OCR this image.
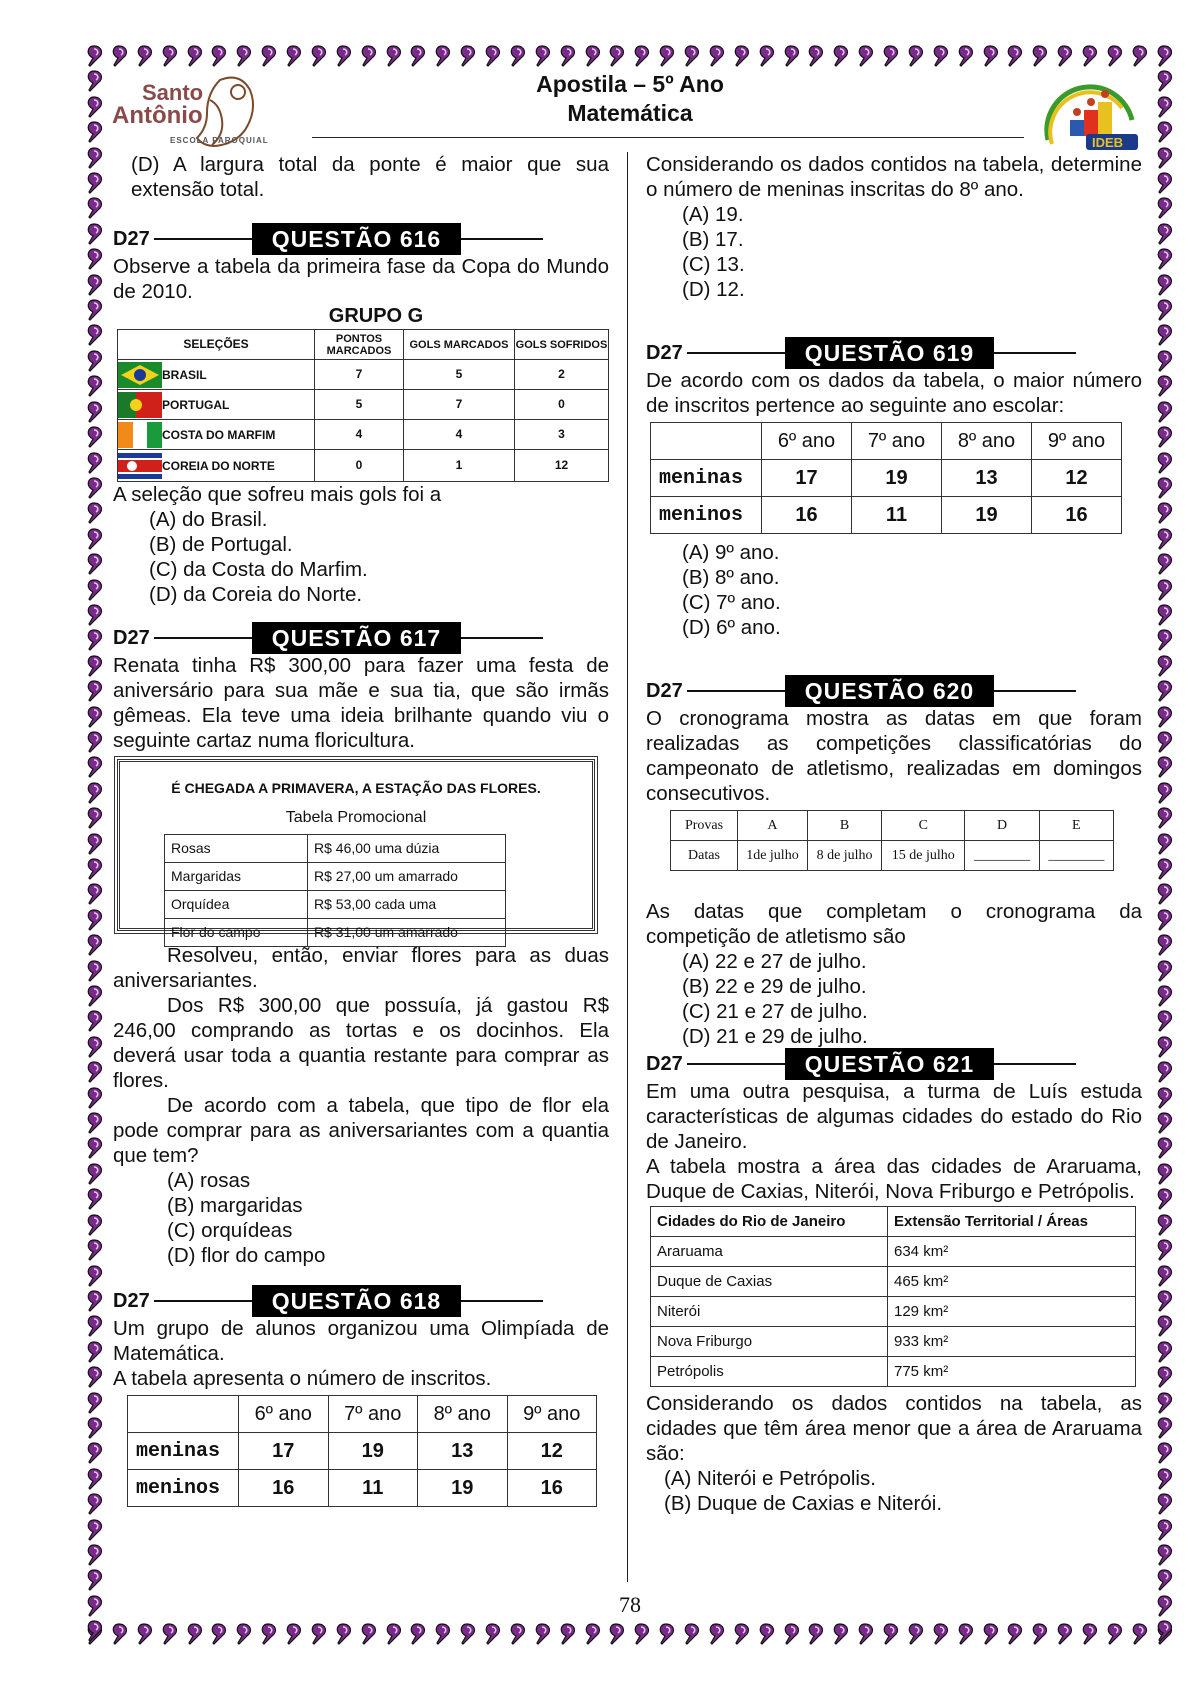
Santo
Antônio
ESCOLA PAROQUIAL
Apostila – 5º Ano
Matemática
IDEB

(D) A largura total da ponte é maior que sua extensão total.

D27	QUESTÃO 616

Observe a tabela da primeira fase da Copa do Mundo de 2010.

GRUPO G

SELEÇÕES	PONTOS MARCADOS	GOLS MARCADOS	GOLS SOFRIDOS
BRASIL	7	5	2
PORTUGAL	5	7	0
COSTA DO MARFIM	4	4	3
COREIA DO NORTE	0	1	12

A seleção que sofreu mais gols foi a

(A) do Brasil.

(B) de Portugal.

(C) da Costa do Marfim.

(D) da Coreia do Norte.

D27	QUESTÃO 617

Renata tinha R$ 300,00 para fazer uma festa de aniversário para sua mãe e sua tia, que são irmãs gêmeas. Ela teve uma ideia brilhante quando viu o seguinte cartaz numa floricultura.

É CHEGADA A PRIMAVERA, A ESTAÇÃO DAS FLORES.
Tabela Promocional
Rosas	R$ 46,00 uma dúzia
Margaridas	R$ 27,00 um amarrado
Orquídea	R$ 53,00 cada uma
Flor do campo	R$ 31,00 um amarrado

Resolveu, então, enviar flores para as duas aniversariantes.

Dos R$ 300,00 que possuía, já gastou R$ 246,00 comprando as tortas e os docinhos. Ela deverá usar toda a quantia restante para comprar as flores.

De acordo com a tabela, que tipo de flor ela pode comprar para as aniversariantes com a quantia que tem?

(A) rosas

(B) margaridas

(C) orquídeas

(D) flor do campo

D27	QUESTÃO 618

Um grupo de alunos organizou uma Olimpíada de Matemática.

A tabela apresenta o número de inscritos.

	6º ano	7º ano	8º ano	9º ano
meninas	17	19	13	12
meninos	16	11	19	16

Considerando os dados contidos na tabela, determine o número de meninas inscritas do 8º ano.

(A) 19.

(B) 17.

(C) 13.

(D) 12.

D27	QUESTÃO 619

De acordo com os dados da tabela, o maior número de inscritos pertence ao seguinte ano escolar:

	6º ano	7º ano	8º ano	9º ano
meninas	17	19	13	12
meninos	16	11	19	16

(A) 9º ano.

(B) 8º ano.

(C) 7º ano.

(D) 6º ano.

D27	QUESTÃO 620

O cronograma mostra as datas em que foram realizadas as competições classificatórias do campeonato de atletismo, realizadas em domingos consecutivos.

Provas	A	B	C	D	E
Datas	1de julho	8 de julho	15 de julho	________	________

As datas que completam o cronograma da competição de atletismo são

(A) 22 e 27 de julho.

(B) 22 e 29 de julho.

(C) 21 e 27 de julho.

(D) 21 e 29 de julho.

D27	QUESTÃO 621

Em uma outra pesquisa, a turma de Luís estuda características de algumas cidades do estado do Rio de Janeiro.

A tabela mostra a área das cidades de Araruama, Duque de Caxias, Niterói, Nova Friburgo e Petrópolis.

Cidades do Rio de Janeiro	Extensão Territorial / Áreas
Araruama	634 km²
Duque de Caxias	465 km²
Niterói	129 km²
Nova Friburgo	933 km²
Petrópolis	775 km²

Considerando os dados contidos na tabela, as cidades que têm área menor que a área de Araruama são:

(A) Niterói e Petrópolis.

(B) Duque de Caxias e Niterói.

78
